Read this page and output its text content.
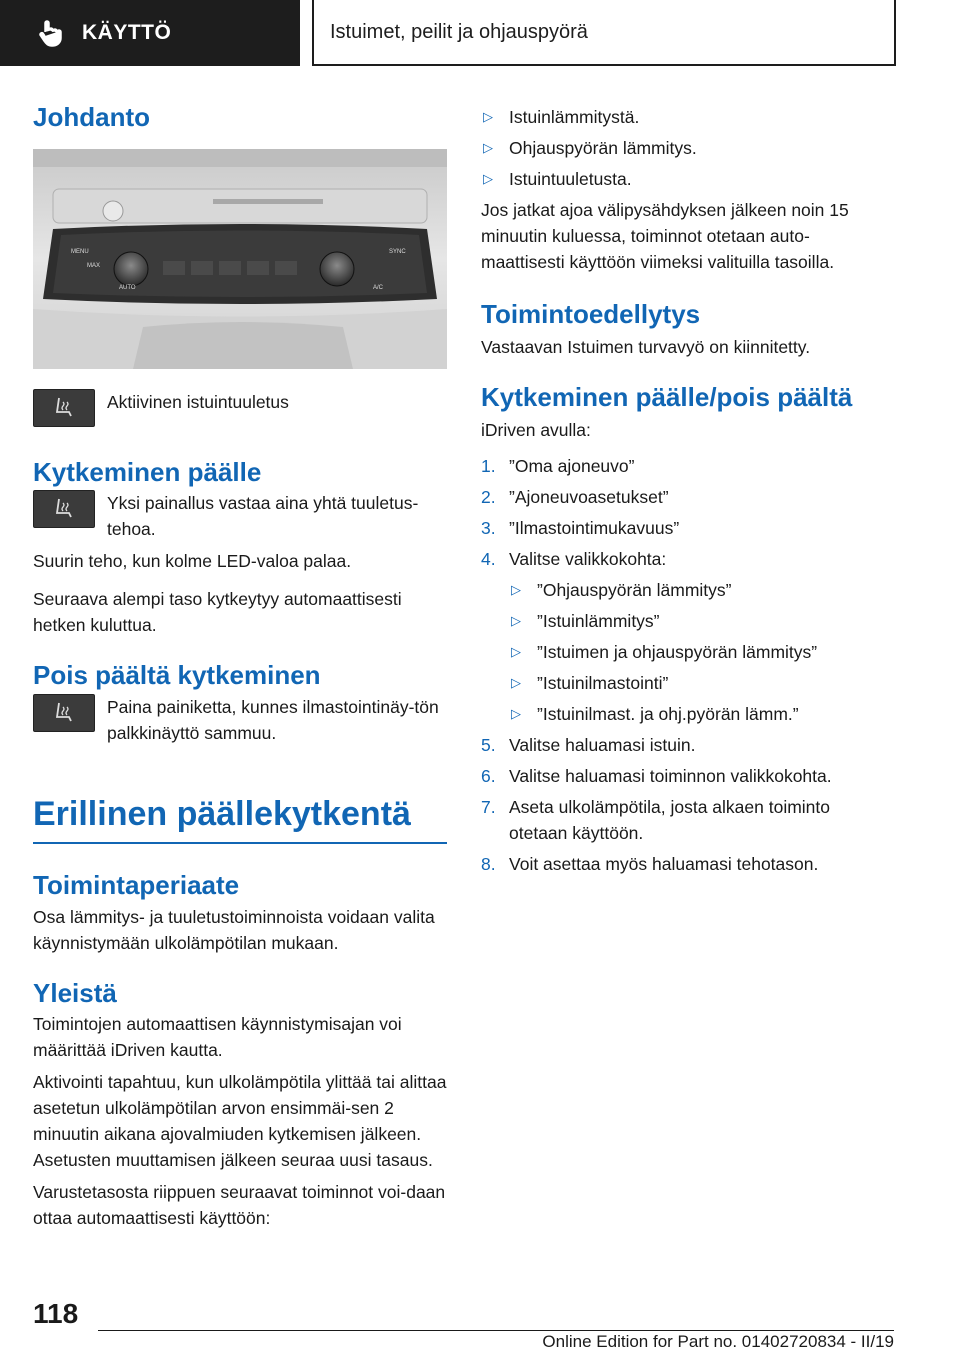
KÄYTTÖ	Istuimet, peilit ja ohjauspyörä
Johdanto
MENU	SYNC
MAX
AUTO	A/C

Aktiivinen istuintuuletus

Kytkeminen päälle

Yksi painallus vastaa aina yhtä tuuletus-tehoa.

Suurin teho, kun kolme LED-valoa palaa.

Seuraava alempi taso kytkeytyy automaattisesti hetken kuluttua.

Pois päältä kytkeminen

Paina painiketta, kunnes ilmastointinäy-tön palkkinäyttö sammuu.

Erillinen päällekytkentä
Toimintaperiaate

Osa lämmitys- ja tuuletustoiminnoista voidaan valita käynnistymään ulkolämpötilan mukaan.

Yleistä

Toimintojen automaattisen käynnistymisajan voi määrittää iDriven kautta.

Aktivointi tapahtuu, kun ulkolämpötila ylittää tai alittaa asetetun ulkolämpötilan arvon ensimmäi-sen 2 minuutin aikana ajovalmiuden kytkemisen jälkeen. Asetusten muuttamisen jälkeen seuraa uusi tasaus.

Varustetasosta riippuen seuraavat toiminnot voi-daan ottaa automaattisesti käyttöön:

▷ Istuinlämmitystä.
▷ Ohjauspyörän lämmitys.
▷ Istuintuuletusta.

Jos jatkat ajoa välipysähdyksen jälkeen noin 15 minuutin kuluessa, toiminnot otetaan auto-maattisesti käyttöön viimeksi valituilla tasoilla.

Toimintoedellytys

Vastaavan Istuimen turvavyö on kiinnitetty.

Kytkeminen päälle/pois päältä

iDriven avulla:

1. ”Oma ajoneuvo”
2. ”Ajoneuvoasetukset”
3. ”Ilmastointimukavuus”
4. Valitse valikkokohta:
▷ ”Ohjauspyörän lämmitys”
▷ ”Istuinlämmitys”
▷ ”Istuimen ja ohjauspyörän lämmitys”
▷ ”Istuinilmastointi”
▷ ”Istuinilmast. ja ohj.pyörän lämm.”
5. Valitse haluamasi istuin.
6. Valitse haluamasi toiminnon valikkokohta.
7. Aseta ulkolämpötila, josta alkaen toiminto otetaan käyttöön.
8. Voit asettaa myös haluamasi tehotason.
118
Online Edition for Part no. 01402720834 - II/19
